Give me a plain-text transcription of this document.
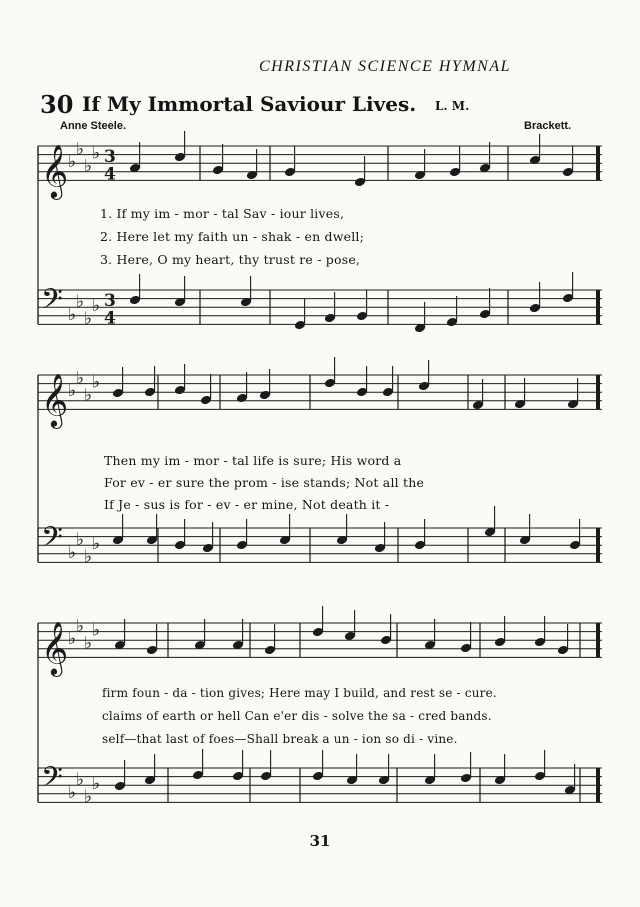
CHRISTIAN SCIENCE HYMNAL
30 If My Immortal Saviour Lives. L. M.
Anne Steele.	Brackett.
𝄞 ♭
♭
♭
♭ 3
4
𝄢 ♭
♭
♭
♭ 3
4
𝄞 ♭
♭
♭
♭
𝄢 ♭
♭
♭
♭
𝄞 ♭
♭
♭
♭
𝄢 ♭
♭
♭
♭
1. If my im - mor - tal Sav - iour lives,
2. Here let my faith un - shak - en dwell;
3. Here, O my heart, thy trust re - pose,
Then my im - mor - tal life is sure; His word a
For ev - er sure the prom - ise stands; Not all the
If Je - sus is for - ev - er mine, Not death it -
firm foun - da - tion gives; Here may I build, and rest se - cure.
claims of earth or hell Can e'er dis - solve the sa - cred bands.
self—that last of foes—Shall break a un - ion so di - vine.
31
